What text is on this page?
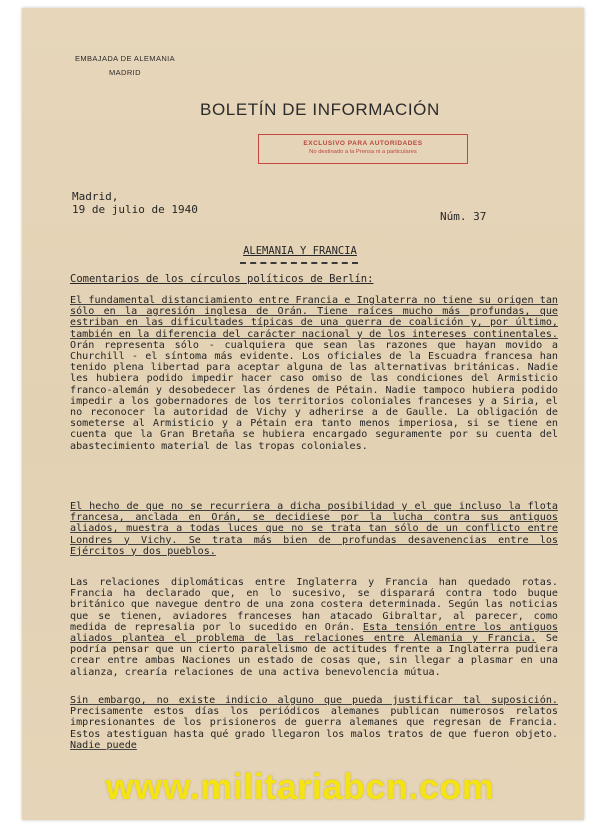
EMBAJADA DE ALEMANIA
MADRID
BOLETÍN DE INFORMACIÓN
EXCLUSIVO PARA AUTORIDADES
No destinado a la Prensa ni a particulares
Madrid,
19 de julio de 1940
Núm. 37
ALEMANIA Y FRANCIA
Comentarios de los círculos políticos de Berlín:

El fundamental distanciamiento entre Francia e Inglaterra no tiene su origen tan sólo en la agresión inglesa de Orán. Tiene raíces mucho más profundas, que estriban en las dificultades típicas de una guerra de coalición y, por último, también en la diferencia del carácter nacional y de los intereses continentales. Orán representa sólo - cualquiera que sean las razones que hayan movido a Churchill - el síntoma más evidente. Los oficiales de la Escuadra francesa han tenido plena libertad para aceptar alguna de las alternativas británicas. Nadie les hubiera podido impedir hacer caso omiso de las condiciones del Armisticio franco-alemán y desobedecer las órdenes de Pétain. Nadie tampoco hubiera podido impedir a los gobernadores de los territorios coloniales franceses y a Siria, el no reconocer la autoridad de Vichy y adherirse a de Gaulle. La obligación de someterse al Armisticio y a Pétain era tanto menos imperiosa, si se tiene en cuenta que la Gran Bretaña se hubiera encargado seguramente por su cuenta del abastecimiento material de las tropas coloniales.

El hecho de que no se recurriera a dicha posibilidad y el que incluso la flota francesa, anclada en Orán, se decidiese por la lucha contra sus antiguos aliados, muestra a todas luces que no se trata tan sólo de un conflicto entre Londres y Vichy. Se trata más bien de profundas desavenencias entre los Ejércitos y dos pueblos.

Las relaciones diplomáticas entre Inglaterra y Francia han quedado rotas. Francia ha declarado que, en lo sucesivo, se disparará contra todo buque británico que navegue dentro de una zona costera determinada. Según las noticias que se tienen, aviadores franceses han atacado Gibraltar, al parecer, como medida de represalia por lo sucedido en Orán. Esta tensión entre los antiguos aliados plantea el problema de las relaciones entre Alemania y Francia. Se podría pensar que un cierto paralelismo de actitudes frente a Inglaterra pudiera crear entre ambas Naciones un estado de cosas que, sin llegar a plasmar en una alianza, crearía relaciones de una activa benevolencia mútua.

Sin embargo, no existe indicio alguno que pueda justificar tal suposición. Precisamente estos días los periódicos alemanes publican numerosos relatos impresionantes de los prisioneros de guerra alemanes que regresan de Francia. Estos atestiguan hasta qué grado llegaron los malos tratos de que fueron objeto. Nadie puede

www.militariabcn.com
